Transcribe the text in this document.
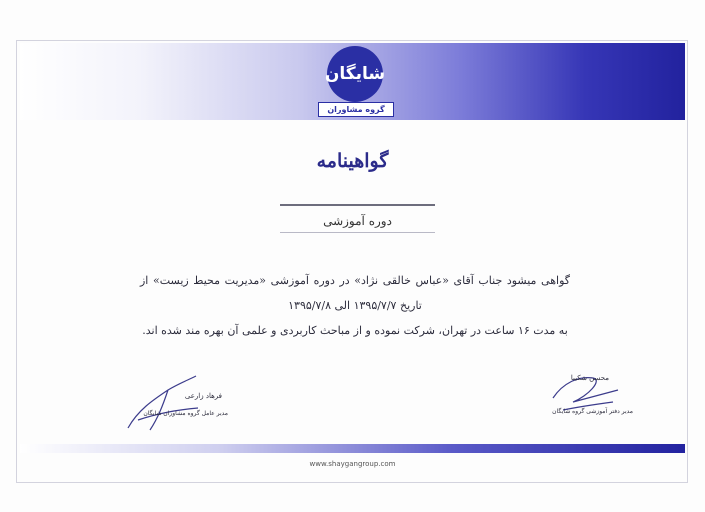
شایگان
گروه مشاوران
گواهینامه
دوره آموزشی
گواهی میشود جناب آقای «عباس خالقی نژاد» در دوره آموزشی «مدیریت محیط زیست» از تاریخ ۱۳۹۵/۷/۷ الی ۱۳۹۵/۷/۸
به مدت ۱۶ ساعت در تهران، شرکت نموده و از مباحث کاربردی و علمی آن بهره مند شده اند.
فرهاد زارعی
مدیر عامل گروه مشاوران شایگان
محسن شکیبا
مدیر دفتر آموزشی گروه شایگان
www.shaygangroup.com
